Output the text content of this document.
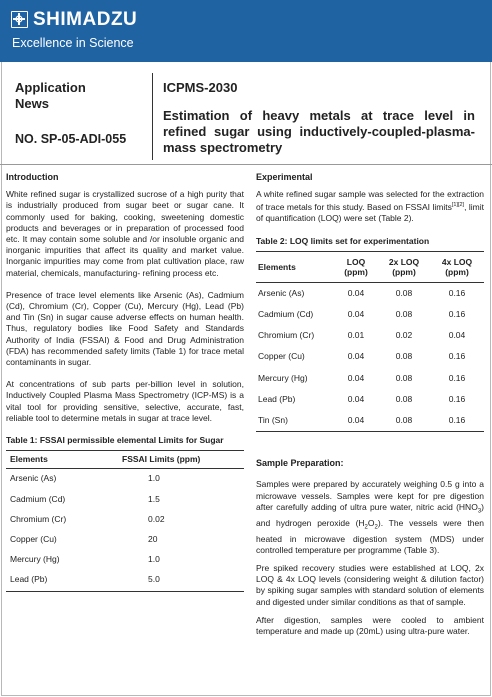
SHIMADZU
Excellence in Science
Application
News
NO. SP-05-ADI-055
ICPMS-2030
Estimation of heavy metals at trace level in refined sugar using inductively-coupled-plasma-mass spectrometry
Introduction

White refined sugar is crystallized sucrose of a high purity that is industrially produced from sugar beet or sugar cane. It commonly used for baking, cooking, sweetening domestic products and beverages or in preparation of processed food etc. It may contain some soluble and /or insoluble organic and inorganic impurities that affect its quality and market value. Inorganic impurities may come from plat cultivation place, raw material, chemicals, manufacturing- refining process etc.

Presence of trace level elements like Arsenic (As), Cadmium (Cd), Chromium (Cr), Copper (Cu), Mercury (Hg), Lead (Pb) and Tin (Sn) in sugar cause adverse effects on human health. Thus, regulatory bodies like Food Safety and Standards Authority of India (FSSAI) & Food and Drug Administration (FDA) has recommended safety limits (Table 1) for trace metal contaminants in sugar.

At concentrations of sub parts per-billion level in solution, Inductively Coupled Plasma Mass Spectrometry (ICP-MS) is a vital tool for providing sensitive, selective, accurate, fast, reliable tool to determine metals in sugar at trace level.

Table 1: FSSAI permissible elemental Limits for Sugar
Elements	FSSAI Limits (ppm)
Arsenic (As)	1.0
Cadmium (Cd)	1.5
Chromium (Cr)	0.02
Copper (Cu)	20
Mercury (Hg)	1.0
Lead (Pb)	5.0
Experimental

A white refined sugar sample was selected for the extraction of trace metals for this study. Based on FSSAI limits[1][2], limit of quantification (LOQ) were set (Table 2).

Table 2: LOQ limits set for experimentation
Elements	LOQ (ppm)	2x LOQ (ppm)	4x LOQ (ppm)
Arsenic (As)	0.04	0.08	0.16
Cadmium (Cd)	0.04	0.08	0.16
Chromium (Cr)	0.01	0.02	0.04
Copper (Cu)	0.04	0.08	0.16
Mercury (Hg)	0.04	0.08	0.16
Lead (Pb)	0.04	0.08	0.16
Tin (Sn)	0.04	0.08	0.16
Sample Preparation:

Samples were prepared by accurately weighing 0.5 g into a microwave vessels. Samples were kept for pre digestion after carefully adding of ultra pure water, nitric acid $(HNO_3)$ and hydrogen peroxide $(H_2O_2)$. The vessels were then heated in microwave digestion system (MDS) under controlled temperature per programme (Table 3).

Pre spiked recovery studies were established at LOQ, 2x LOQ & 4x LOQ levels (considering weight & dilution factor) by spiking sugar samples with standard solution of elements and digested under similar conditions as that of sample.

After digestion, samples were cooled to ambient temperature and made up (20mL) using ultra-pure water.
